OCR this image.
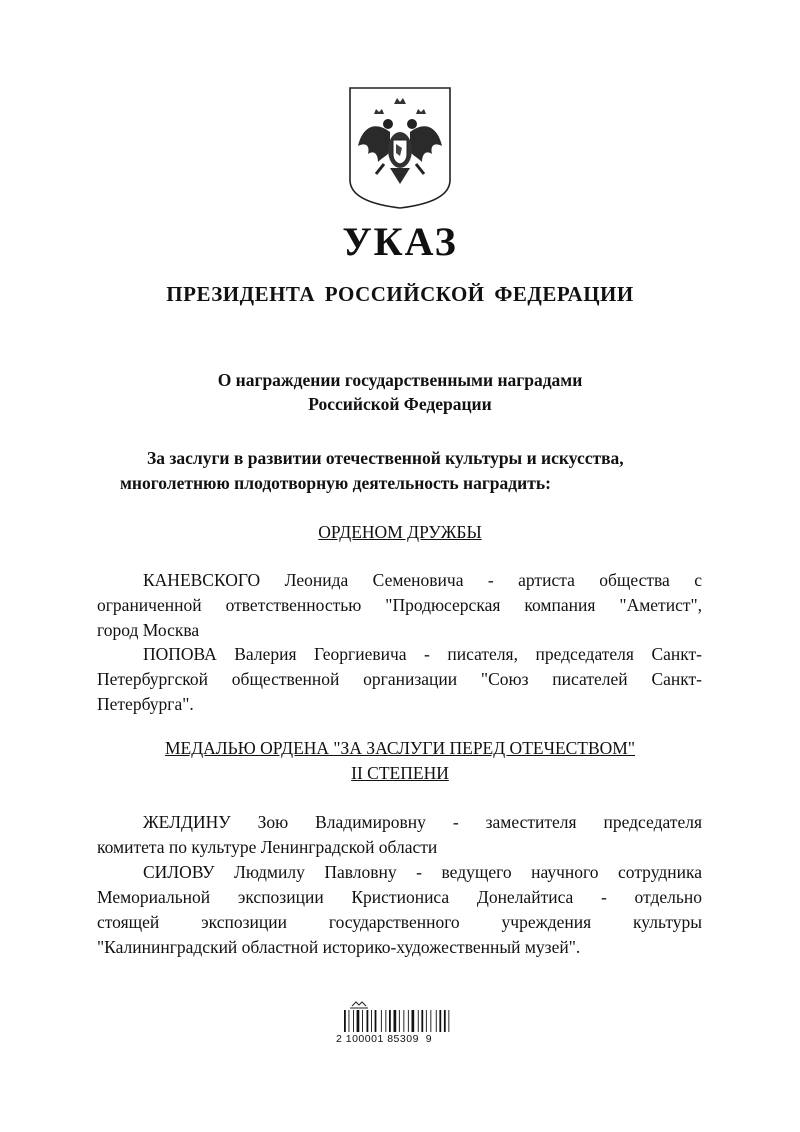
УКАЗ
ПРЕЗИДЕНТА РОССИЙСКОЙ ФЕДЕРАЦИИ
О награждении государственными наградами
Российской Федерации
За заслуги в развитии отечественной культуры и искусства,
многолетнюю плодотворную деятельность наградить:
ОРДЕНОМ ДРУЖБЫ
КАНЕВСКОГО Леонида Семеновича - артиста общества с
ограниченной ответственностью "Продюсерская компания "Аметист",
город Москва
ПОПОВА Валерия Георгиевича - писателя, председателя Санкт-
Петербургской общественной организации "Союз писателей Санкт-
Петербурга".
МЕДАЛЬЮ ОРДЕНА "ЗА ЗАСЛУГИ ПЕРЕД ОТЕЧЕСТВОМ"
II СТЕПЕНИ
ЖЕЛДИНУ Зою Владимировну - заместителя председателя
комитета по культуре Ленинградской области
СИЛОВУ Людмилу Павловну - ведущего научного сотрудника
Мемориальной экспозиции Кристиониса Донелайтиса - отдельно
стоящей экспозиции государственного учреждения культуры
"Калининградский областной историко-художественный музей".
2 100001 85309  9
